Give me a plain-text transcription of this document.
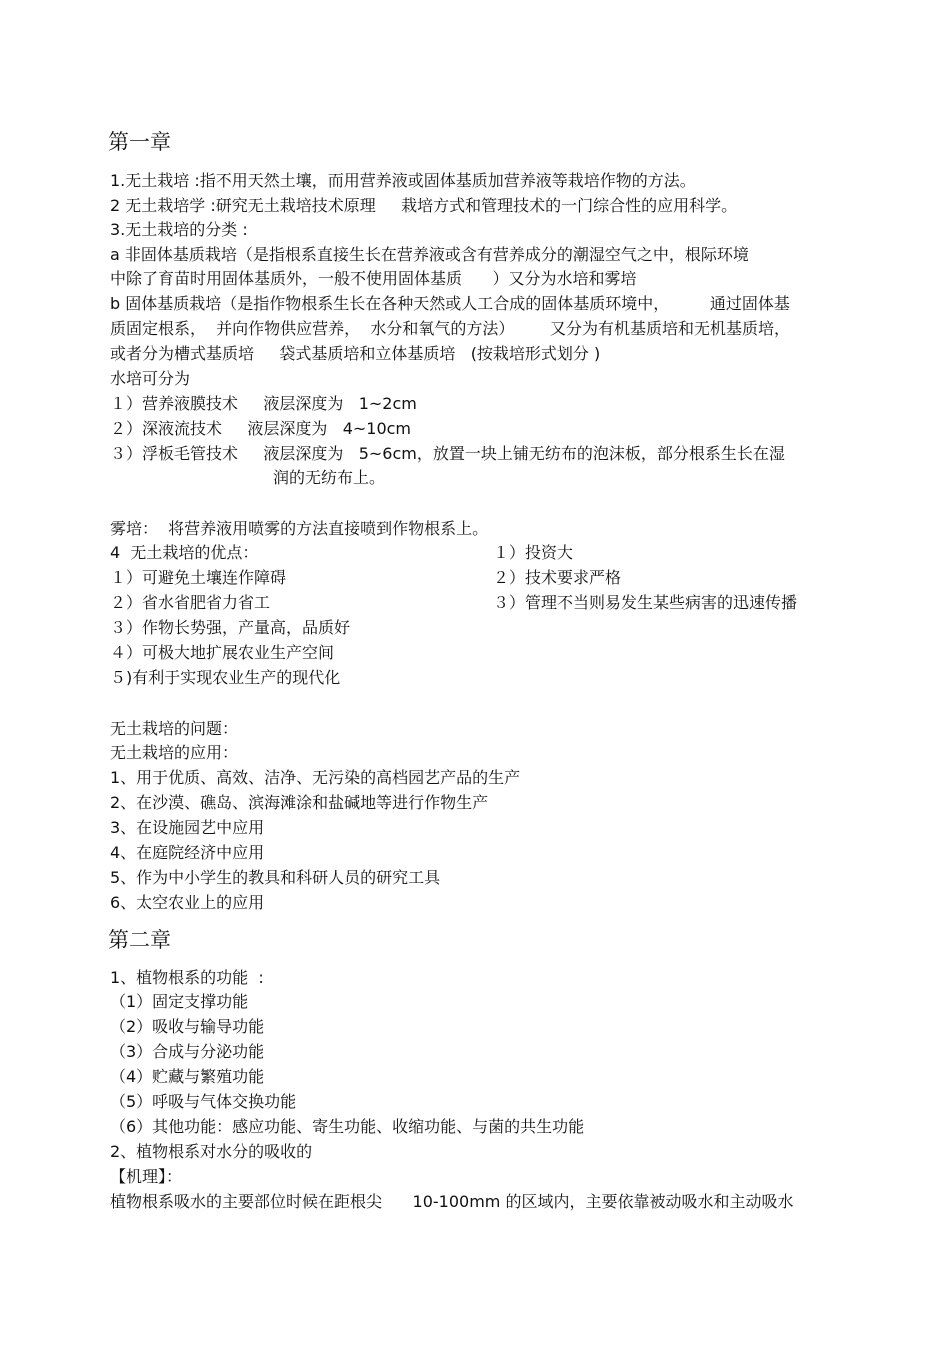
第一章
1.无土栽培 :指不用天然土壤，而用营养液或固体基质加营养液等栽培作物的方法。
2 无土栽培学 :研究无土栽培技术原理     栽培方式和管理技术的一门综合性的应用科学。
3.无土栽培的分类 :
a 非固体基质栽培（是指根系直接生长在营养液或含有营养成分的潮湿空气之中，根际环境
中除了育苗时用固体基质外，一般不使用固体基质      ）又分为水培和雾培
b 固体基质栽培（是指作物根系生长在各种天然或人工合成的固体基质环境中，        通过固体基
质固定根系，  并向作物供应营养，  水分和氧气的方法）       又分为有机基质培和无机基质培，
或者分为槽式基质培     袋式基质培和立体基质培   (按栽培形式划分 )
水培可分为
１）营养液膜技术     液层深度为   1~2cm
２）深液流技术     液层深度为   4~10cm
３）浮板毛管技术     液层深度为   5~6cm，放置一块上铺无纺布的泡沫板，部分根系生长在湿
润的无纺布上。
雾培：  将营养液用喷雾的方法直接喷到作物根系上。
4  无土栽培的优点：
１）可避免土壤连作障碍
２）省水省肥省力省工
３）作物长势强，产量高，品质好
４）可极大地扩展农业生产空间
５)有利于实现农业生产的现代化
１）投资大
２）技术要求严格
３）管理不当则易发生某些病害的迅速传播
无土栽培的问题：
无土栽培的应用：
1、用于优质、高效、洁净、无污染的高档园艺产品的生产
2、在沙漠、礁岛、滨海滩涂和盐碱地等进行作物生产
3、在设施园艺中应用
4、在庭院经济中应用
5、作为中小学生的教具和科研人员的研究工具
6、太空农业上的应用
第二章
1、植物根系的功能  :
（1）固定支撑功能
（2）吸收与输导功能
（3）合成与分泌功能
（4）贮藏与繁殖功能
（5）呼吸与气体交换功能
（6）其他功能：感应功能、寄生功能、收缩功能、与菌的共生功能
2、植物根系对水分的吸收的
【机理】：
植物根系吸水的主要部位时候在距根尖      10-100mm 的区域内，主要依靠被动吸水和主动吸水
